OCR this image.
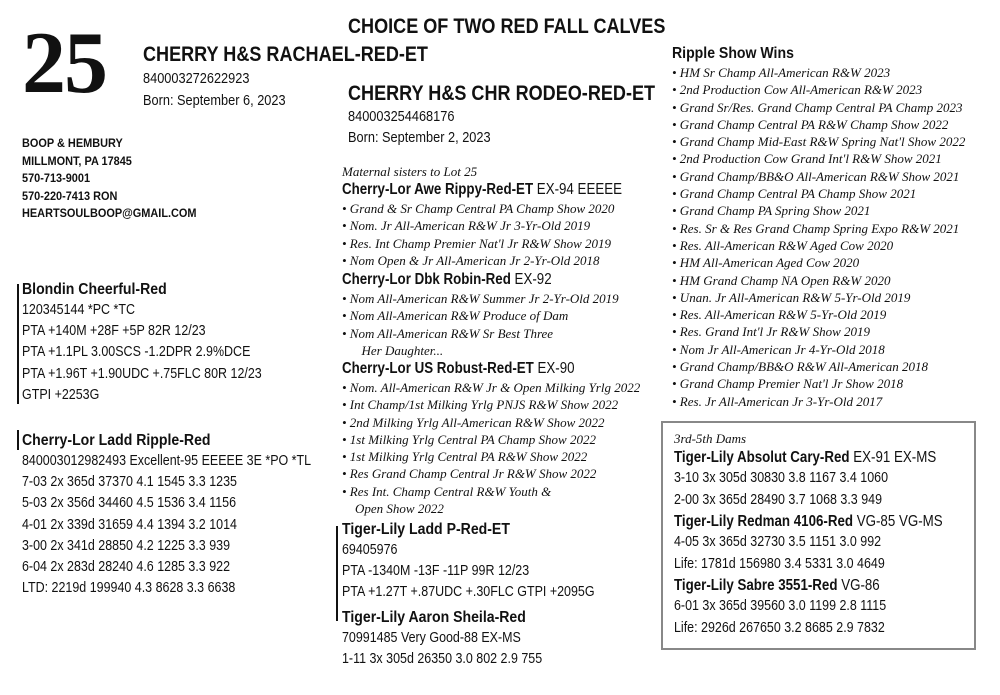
25	CHOICE OF TWO RED FALL CALVES
CHERRY H&S RACHAEL-RED-ET
840003272622923
Born: September 6, 2023	CHERRY H&S CHR RODEO-RED-ET
840003254468176
Born: September 2, 2023
BOOP & HEMBURY
MILLMONT, PA 17845
570-713-9001
570-220-7413 RON
HEARTSOULBOOP@GMAIL.COM
Blondin Cheerful-Red
120345144 *PC *TC
PTA +140M +28F +5P 82R 12/23
PTA +1.1PL 3.00SCS -1.2DPR 2.9%DCE
PTA +1.96T +1.90UDC +.75FLC 80R 12/23
GTPI +2253G
Cherry-Lor Ladd Ripple-Red
840003012982493 Excellent-95 EEEEE 3E *PO *TL
7-03 2x 365d 37370 4.1 1545 3.3 1235
5-03 2x 356d 34460 4.5 1536 3.4 1156
4-01 2x 339d 31659 4.4 1394 3.2 1014
3-00 2x 341d 28850 4.2 1225 3.3 939
6-04 2x 283d 28240 4.6 1285 3.3 922
LTD: 2219d 199940 4.3 8628 3.3 6638
Maternal sisters to Lot 25
Cherry-Lor Awe Rippy-Red-ET EX-94 EEEEE
• Grand & Sr Champ Central PA Champ Show 2020
• Nom. Jr All-American R&W Jr 3-Yr-Old 2019
• Res. Int Champ Premier Nat'l Jr R&W Show 2019
• Nom Open & Jr All-American Jr 2-Yr-Old 2018
Cherry-Lor Dbk Robin-Red EX-92
• Nom All-American R&W Summer Jr 2-Yr-Old 2019
• Nom All-American R&W Produce of Dam
• Nom All-American R&W Sr Best Three
Her Daughter...
Cherry-Lor US Robust-Red-ET EX-90
• Nom. All-American R&W Jr & Open Milking Yrlg 2022
• Int Champ/1st Milking Yrlg PNJS R&W Show 2022
• 2nd Milking Yrlg All-American R&W Show 2022
• 1st Milking Yrlg Central PA Champ Show 2022
• 1st Milking Yrlg Central PA R&W Show 2022
• Res Grand Champ Central Jr R&W Show 2022
• Res Int. Champ Central R&W Youth &
Open Show 2022
Tiger-Lily Ladd P-Red-ET
69405976
PTA -1340M -13F -11P 99R 12/23
PTA +1.27T +.87UDC +.30FLC GTPI +2095G
Tiger-Lily Aaron Sheila-Red
70991485 Very Good-88 EX-MS
1-11 3x 305d 26350 3.0 802 2.9 755
Ripple Show Wins
• HM Sr Champ All-American R&W 2023
• 2nd Production Cow All-American R&W 2023
• Grand Sr/Res. Grand Champ Central PA Champ 2023
• Grand Champ Central PA R&W Champ Show 2022
• Grand Champ Mid-East R&W Spring Nat'l Show 2022
• 2nd Production Cow Grand Int'l R&W Show 2021
• Grand Champ/BB&O All-American R&W Show 2021
• Grand Champ Central PA Champ Show 2021
• Grand Champ PA Spring Show 2021
• Res. Sr & Res Grand Champ Spring Expo R&W 2021
• Res. All-American R&W Aged Cow 2020
• HM All-American Aged Cow 2020
• HM Grand Champ NA Open R&W 2020
• Unan. Jr All-American R&W 5-Yr-Old 2019
• Res. All-American R&W 5-Yr-Old 2019
• Res. Grand Int'l Jr R&W Show 2019
• Nom Jr All-American Jr 4-Yr-Old 2018
• Grand Champ/BB&O R&W All-American 2018
• Grand Champ Premier Nat'l Jr Show 2018
• Res. Jr All-American Jr 3-Yr-Old 2017
3rd-5th Dams
Tiger-Lily Absolut Cary-Red EX-91 EX-MS
3-10 3x 305d 30830 3.8 1167 3.4 1060
2-00 3x 365d 28490 3.7 1068 3.3 949
Tiger-Lily Redman 4106-Red VG-85 VG-MS
4-05 3x 365d 32730 3.5 1151 3.0 992
Life: 1781d 156980 3.4 5331 3.0 4649
Tiger-Lily Sabre 3551-Red VG-86
6-01 3x 365d 39560 3.0 1199 2.8 1115
Life: 2926d 267650 3.2 8685 2.9 7832
